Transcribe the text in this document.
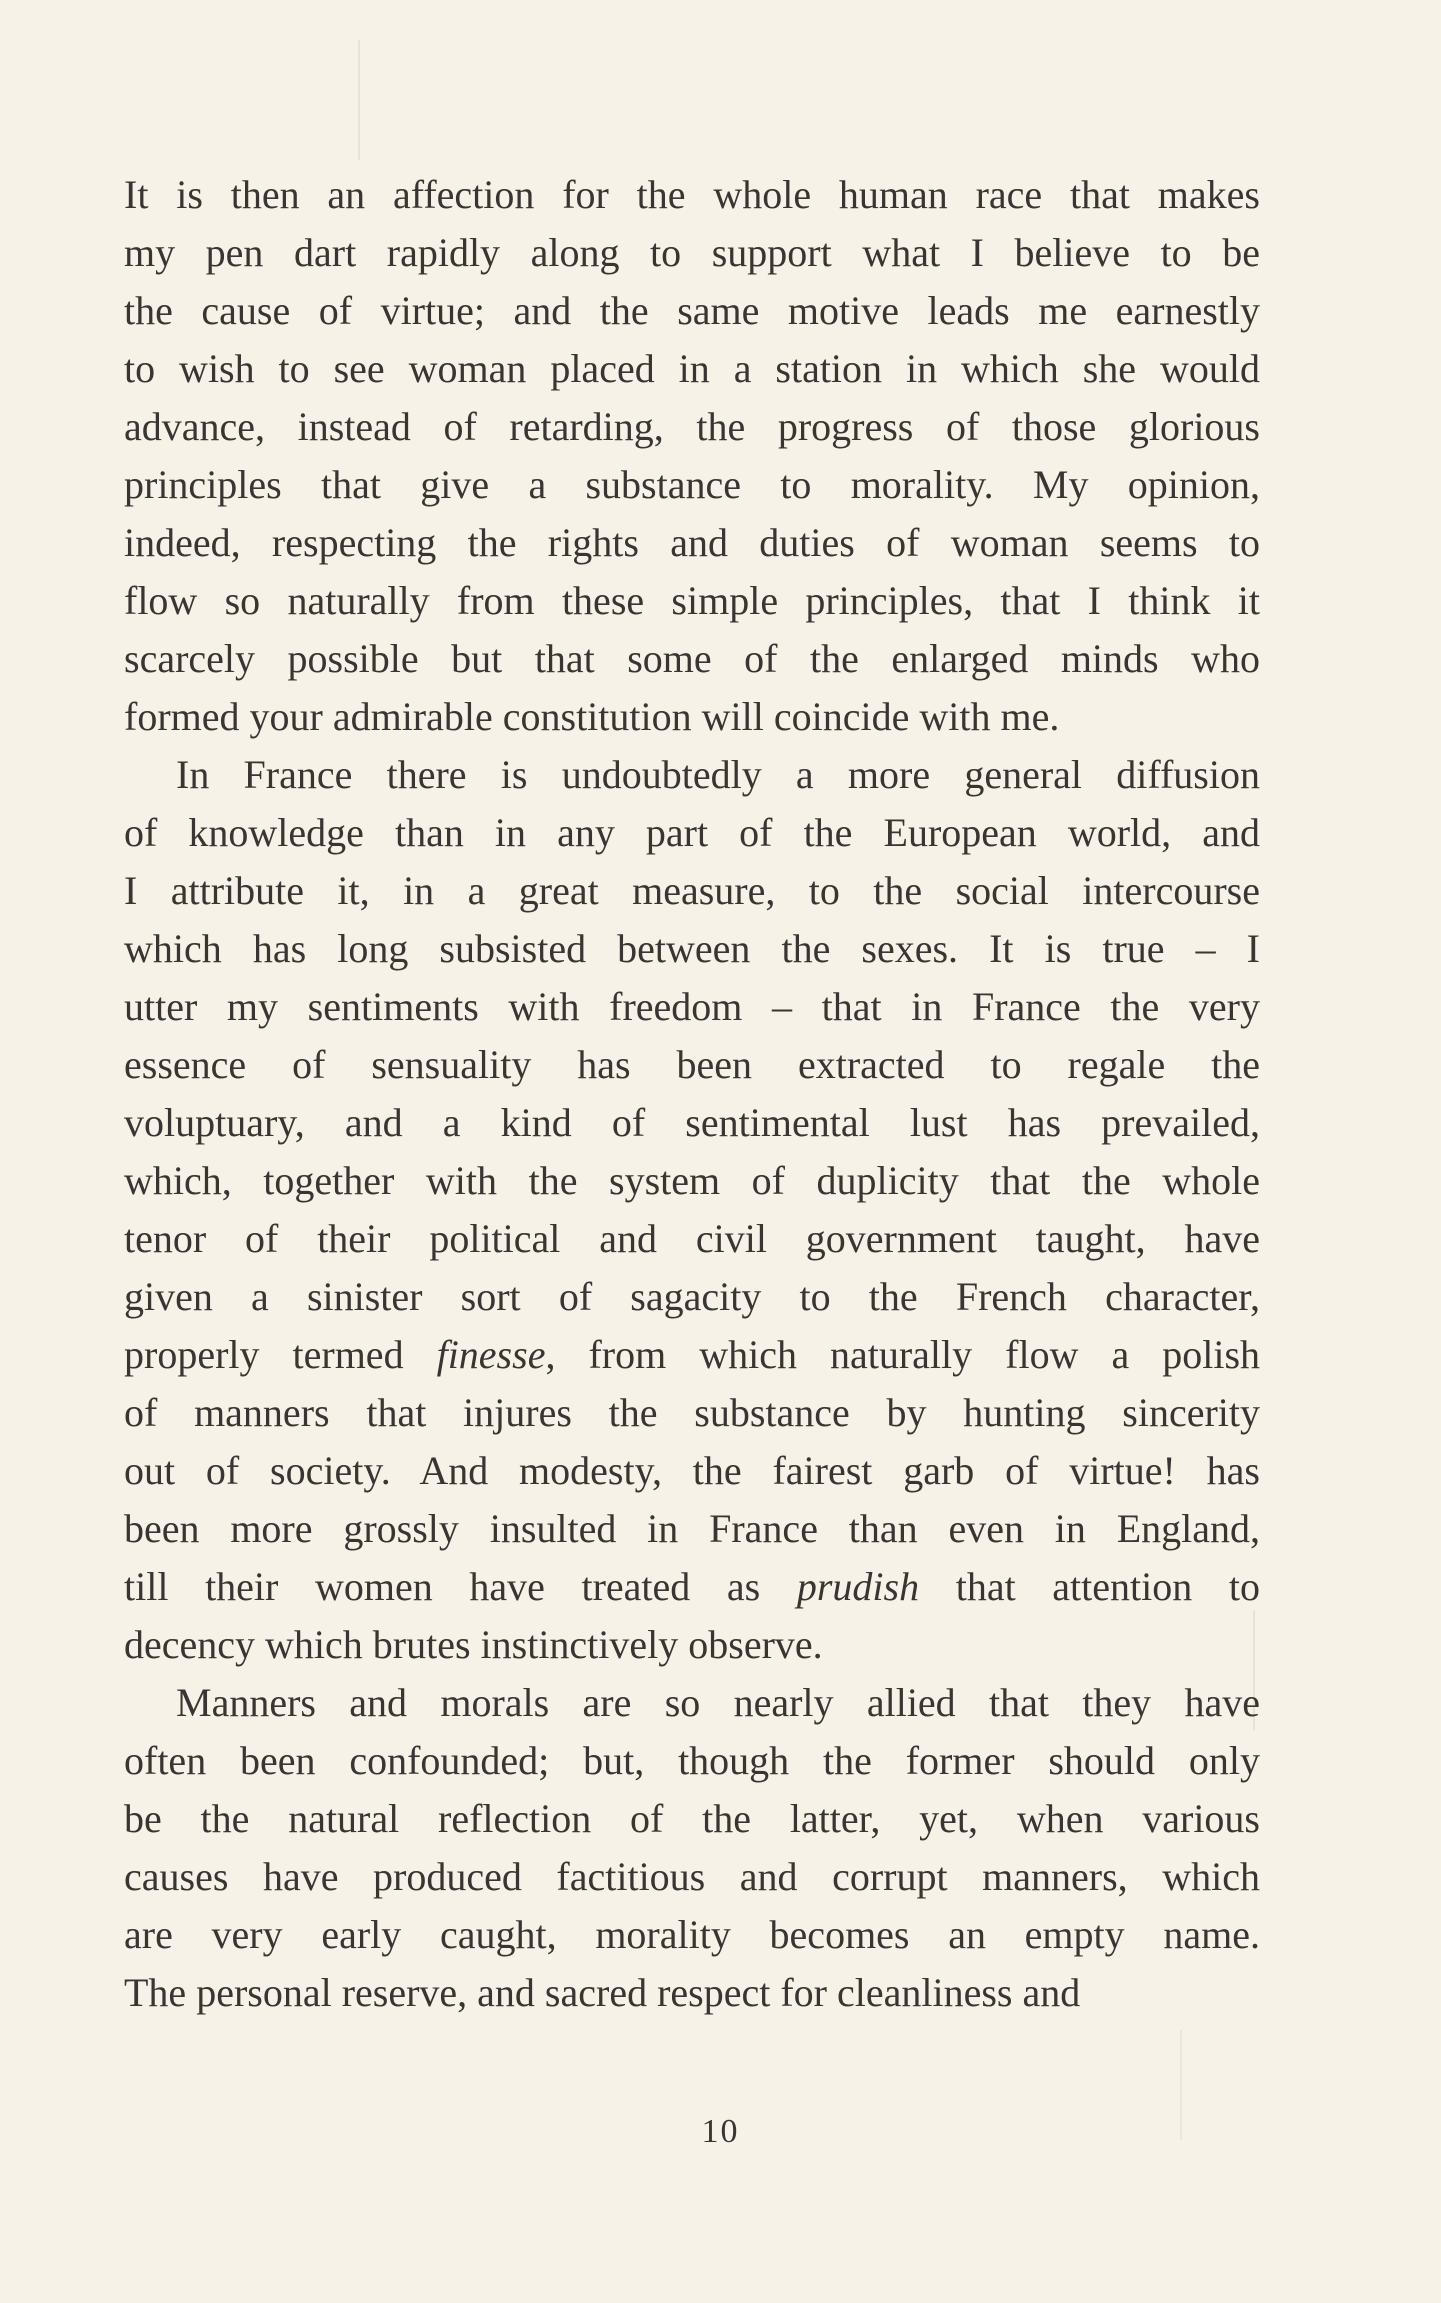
It is then an affection for the whole human race that makes
my pen dart rapidly along to support what I believe to be
the cause of virtue; and the same motive leads me earnestly
to wish to see woman placed in a station in which she would
advance, instead of retarding, the progress of those glorious
principles that give a substance to morality. My opinion,
indeed, respecting the rights and duties of woman seems to
flow so naturally from these simple principles, that I think it
scarcely possible but that some of the enlarged minds who
formed your admirable constitution will coincide with me.
In France there is undoubtedly a more general diffusion
of knowledge than in any part of the European world, and
I attribute it, in a great measure, to the social intercourse
which has long subsisted between the sexes. It is true – I
utter my sentiments with freedom – that in France the very
essence of sensuality has been extracted to regale the
voluptuary, and a kind of sentimental lust has prevailed,
which, together with the system of duplicity that the whole
tenor of their political and civil government taught, have
given a sinister sort of sagacity to the French character,
properly termed finesse, from which naturally flow a polish
of manners that injures the substance by hunting sincerity
out of society. And modesty, the fairest garb of virtue! has
been more grossly insulted in France than even in England,
till their women have treated as prudish that attention to
decency which brutes instinctively observe.
Manners and morals are so nearly allied that they have
often been confounded; but, though the former should only
be the natural reflection of the latter, yet, when various
causes have produced factitious and corrupt manners, which
are very early caught, morality becomes an empty name.
The personal reserve, and sacred respect for cleanliness and
10
